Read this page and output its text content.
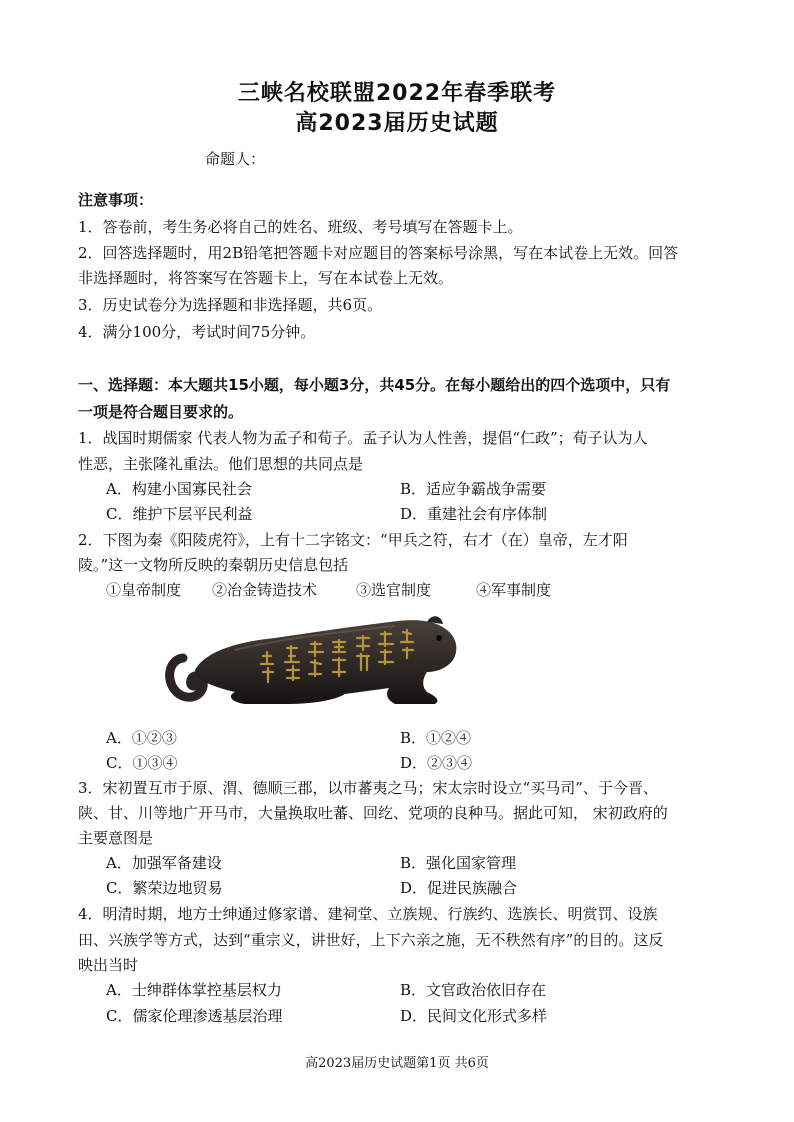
三峡名校联盟2022年春季联考
高2023届历史试题
命题人：
注意事项：
1．答卷前，考生务必将自己的姓名、班级、考号填写在答题卡上。
2．回答选择题时，用2B铅笔把答题卡对应题目的答案标号涂黑，写在本试卷上无效。回答
非选择题时，将答案写在答题卡上，写在本试卷上无效。
3．历史试卷分为选择题和非选择题，共6页。
4．满分100分，考试时间75分钟。
一、选择题：本大题共15小题，每小题3分，共45分。在每小题给出的四个选项中，只有
一项是符合题目要求的。
1．战国时期儒家 代表人物为孟子和荀子。孟子认为人性善，提倡“仁政”；荀子认为人
性恶，主张隆礼重法。他们思想的共同点是
A．构建小国寡民社会	B．适应争霸战争需要
C．维护下层平民利益	D．重建社会有序体制
2．下图为秦《阳陵虎符》，上有十二字铭文：“甲兵之符，右才（在）皇帝，左才阳
陵。”这一文物所反映的秦朝历史信息包括
①皇帝制度 ②冶金铸造技术	③选官制度	④军事制度
A．①②③	B．①②④
C．①③④	D．②③④
3．宋初置互市于原、渭、德顺三郡，以市蕃夷之马；宋太宗时设立“买马司”、于今晋、
陕、甘、川等地广开马市，大量换取吐蕃、回纥、党项的良种马。据此可知， 宋初政府的
主要意图是
A．加强军备建设	B．强化国家管理
C．繁荣边地贸易	D．促进民族融合
4．明清时期，地方士绅通过修家谱、建祠堂、立族规、行族约、选族长、明赏罚、设族
田、兴族学等方式，达到“重宗义，讲世好，上下六亲之施，无不秩然有序”的目的。这反
映出当时
A．士绅群体掌控基层权力	B．文官政治依旧存在
C．儒家伦理渗透基层治理	D．民间文化形式多样
高2023届历史试题第1页 共6页
